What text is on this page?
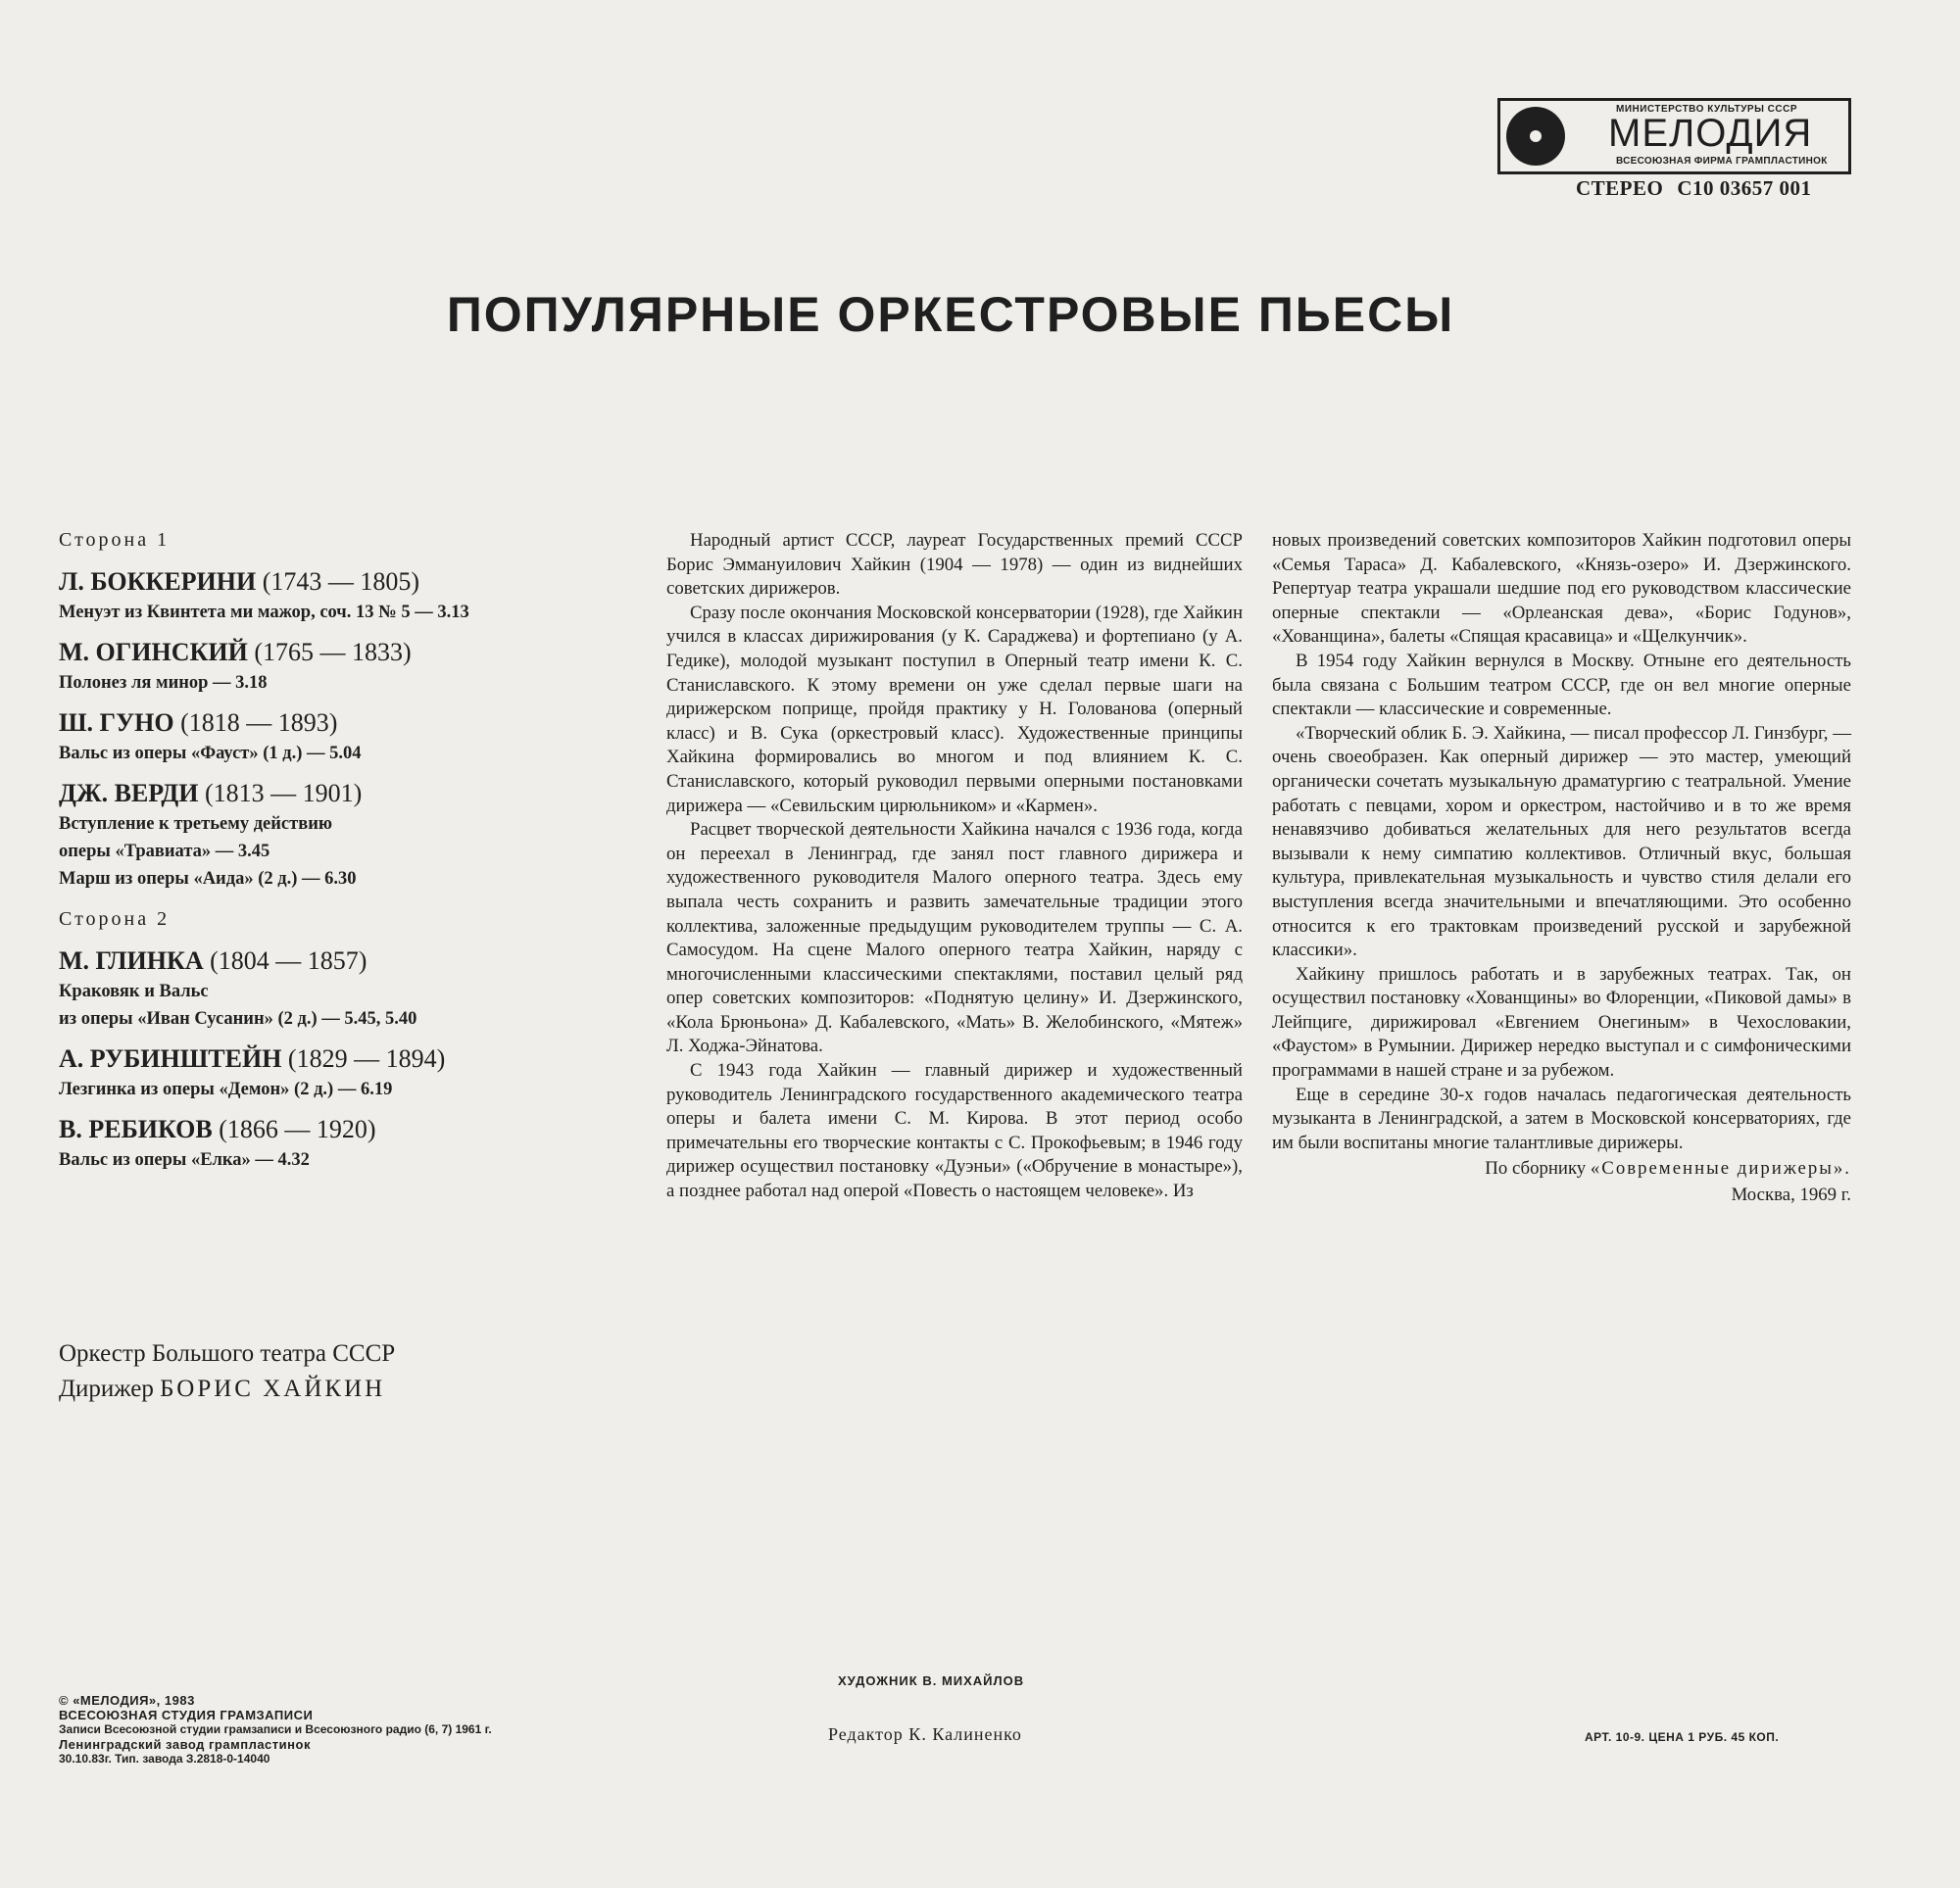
МИНИСТЕРСТВО КУЛЬТУРЫ СССР
МЕЛОДИЯ
ВСЕСОЮЗНАЯ ФИРМА ГРАМПЛАСТИНОК
СТЕРЕО С10 03657 001
ПОПУЛЯРНЫЕ ОРКЕСТРОВЫЕ ПЬЕСЫ
Сторона 1
Л. БОККЕРИНИ (1743 — 1805)
Менуэт из Квинтета ми мажор, соч. 13 № 5 — 3.13
М. ОГИНСКИЙ (1765 — 1833)
Полонез ля минор — 3.18
Ш. ГУНО (1818 — 1893)
Вальс из оперы «Фауст» (1 д.) — 5.04
ДЖ. ВЕРДИ (1813 — 1901)
Вступление к третьему действию
оперы «Травиата» — 3.45
Марш из оперы «Аида» (2 д.) — 6.30
Сторона 2
М. ГЛИНКА (1804 — 1857)
Краковяк и Вальс
из оперы «Иван Сусанин» (2 д.) — 5.45, 5.40
А. РУБИНШТЕЙН (1829 — 1894)
Лезгинка из оперы «Демон» (2 д.) — 6.19
В. РЕБИКОВ (1866 — 1920)
Вальс из оперы «Елка» — 4.32
Оркестр Большого театра СССР
Дирижер БОРИС ХАЙКИН

Народный артист СССР, лауреат Государственных премий СССР Борис Эммануилович Хайкин (1904 — 1978) — один из виднейших советских дирижеров.

Сразу после окончания Московской консерватории (1928), где Хайкин учился в классах дирижирования (у К. Сараджева) и фортепиано (у А. Гедике), молодой музыкант поступил в Оперный театр имени К. С. Станиславского. К этому времени он уже сделал первые шаги на дирижерском поприще, пройдя практику у Н. Голованова (оперный класс) и В. Сука (оркестровый класс). Художественные принципы Хайкина формировались во многом и под влиянием К. С. Станиславского, который руководил первыми оперными постановками дирижера — «Севильским цирюльником» и «Кармен».

Расцвет творческой деятельности Хайкина начался с 1936 года, когда он переехал в Ленинград, где занял пост главного дирижера и художественного руководителя Малого оперного театра. Здесь ему выпала честь сохранить и развить замечательные традиции этого коллектива, заложенные предыдущим руководителем труппы — С. А. Самосудом. На сцене Малого оперного театра Хайкин, наряду с многочисленными классическими спектаклями, поставил целый ряд опер советских композиторов: «Поднятую целину» И. Дзержинского, «Кола Брюньона» Д. Кабалевского, «Мать» В. Желобинского, «Мятеж» Л. Ходжа-Эйнатова.

С 1943 года Хайкин — главный дирижер и художественный руководитель Ленинградского государственного академического театра оперы и балета имени С. М. Кирова. В этот период особо примечательны его творческие контакты с С. Прокофьевым; в 1946 году дирижер осуществил постановку «Дуэньи» («Обручение в монастыре»), а позднее работал над оперой «Повесть о настоящем человеке». Из

новых произведений советских композиторов Хайкин подготовил оперы «Семья Тараса» Д. Кабалевского, «Князь-озеро» И. Дзержинского. Репертуар театра украшали шедшие под его руководством классические оперные спектакли — «Орлеанская дева», «Борис Годунов», «Хованщина», балеты «Спящая красавица» и «Щелкунчик».

В 1954 году Хайкин вернулся в Москву. Отныне его деятельность была связана с Большим театром СССР, где он вел многие оперные спектакли — классические и современные.

«Творческий облик Б. Э. Хайкина, — писал профессор Л. Гинзбург, — очень своеобразен. Как оперный дирижер — это мастер, умеющий органически сочетать музыкальную драматургию с театральной. Умение работать с певцами, хором и оркестром, настойчиво и в то же время ненавязчиво добиваться желательных для него результатов всегда вызывали к нему симпатию коллективов. Отличный вкус, большая культура, привлекательная музыкальность и чувство стиля делали его выступления всегда значительными и впечатляющими. Это особенно относится к его трактовкам произведений русской и зарубежной классики».

Хайкину пришлось работать и в зарубежных театрах. Так, он осуществил постановку «Хованщины» во Флоренции, «Пиковой дамы» в Лейпциге, дирижировал «Евгением Онегиным» в Чехословакии, «Фаустом» в Румынии. Дирижер нередко выступал и с симфоническими программами в нашей стране и за рубежом.

Еще в середине 30-х годов началась педагогическая деятельность музыканта в Ленинградской, а затем в Московской консерваториях, где им были воспитаны многие талантливые дирижеры.

По сборнику «Современные дирижеры».
Москва, 1969 г.
© «МЕЛОДИЯ», 1983
ВСЕСОЮЗНАЯ СТУДИЯ ГРАМЗАПИСИ
Записи Всесоюзной студии грамзаписи и Всесоюзного радио (6, 7) 1961 г.
Ленинградский завод грампластинок
30.10.83г. Тип. завода З.2818-0-14040
ХУДОЖНИК В. МИХАЙЛОВ
Редактор К. Калиненко	АРТ. 10-9. ЦЕНА 1 РУБ. 45 КОП.
